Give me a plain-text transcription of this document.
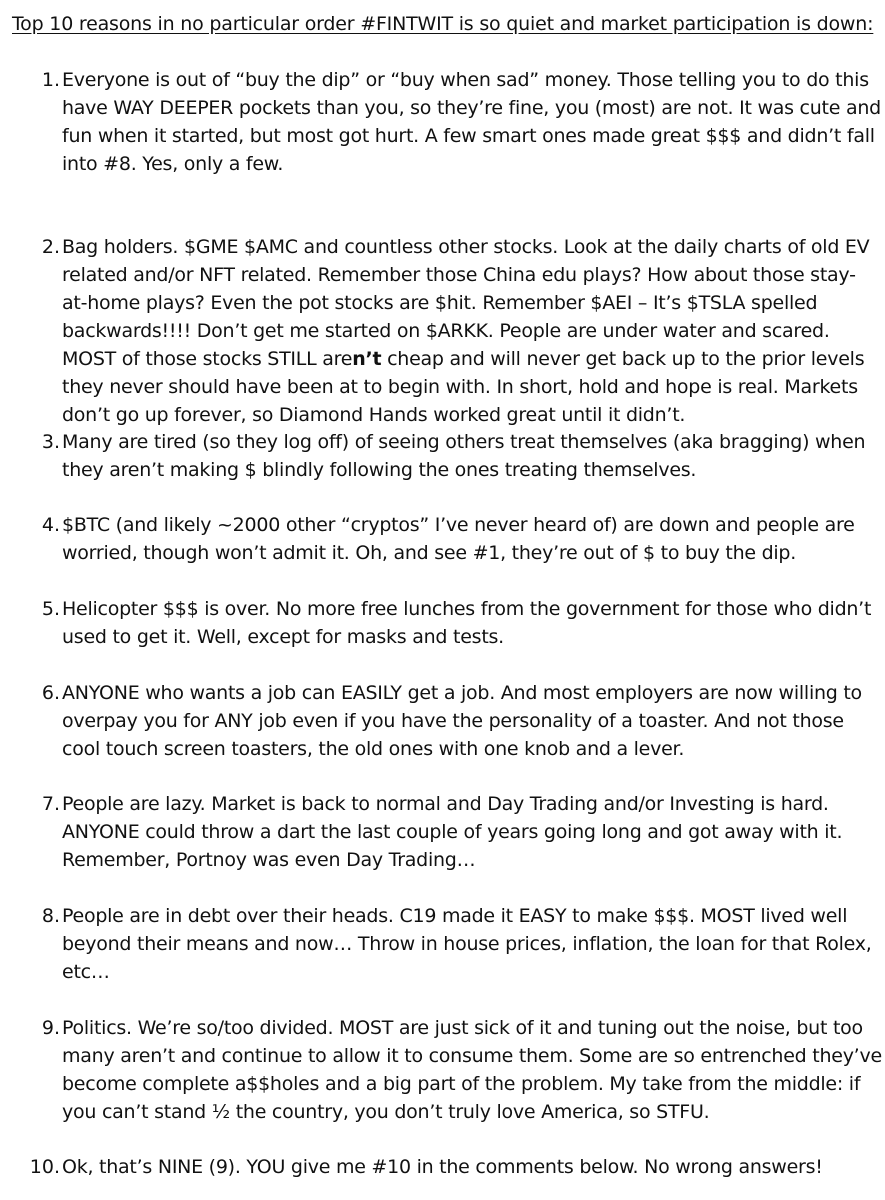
Top 10 reasons in no particular order #FINTWIT is so quiet and market participation is down:
1. Everyone is out of “buy the dip” or “buy when sad” money. Those telling you to do this
have WAY DEEPER pockets than you, so they’re fine, you (most) are not. It was cute and
fun when it started, but most got hurt. A few smart ones made great $$$ and didn’t fall
into #8. Yes, only a few.
2. Bag holders. $GME $AMC and countless other stocks. Look at the daily charts of old EV
related and/or NFT related. Remember those China edu plays? How about those stay-
at-home plays? Even the pot stocks are $hit. Remember $AEI – It’s $TSLA spelled
backwards!!!! Don’t get me started on $ARKK. People are under water and scared.
MOST of those stocks STILL aren’t cheap and will never get back up to the prior levels
they never should have been at to begin with. In short, hold and hope is real. Markets
don’t go up forever, so Diamond Hands worked great until it didn’t.
3. Many are tired (so they log off) of seeing others treat themselves (aka bragging) when
they aren’t making $ blindly following the ones treating themselves.
4. $BTC (and likely ~2000 other “cryptos” I’ve never heard of) are down and people are
worried, though won’t admit it. Oh, and see #1, they’re out of $ to buy the dip.
5. Helicopter $$$ is over. No more free lunches from the government for those who didn’t
used to get it. Well, except for masks and tests.
6. ANYONE who wants a job can EASILY get a job. And most employers are now willing to
overpay you for ANY job even if you have the personality of a toaster. And not those
cool touch screen toasters, the old ones with one knob and a lever.
7. People are lazy. Market is back to normal and Day Trading and/or Investing is hard.
ANYONE could throw a dart the last couple of years going long and got away with it.
Remember, Portnoy was even Day Trading…
8. People are in debt over their heads. C19 made it EASY to make $$$. MOST lived well
beyond their means and now… Throw in house prices, inflation, the loan for that Rolex,
etc…
9. Politics. We’re so/too divided. MOST are just sick of it and tuning out the noise, but too
many aren’t and continue to allow it to consume them. Some are so entrenched they’ve
become complete a$$holes and a big part of the problem. My take from the middle: if
you can’t stand ½ the country, you don’t truly love America, so STFU.
10. Ok, that’s NINE (9). YOU give me #10 in the comments below. No wrong answers!
